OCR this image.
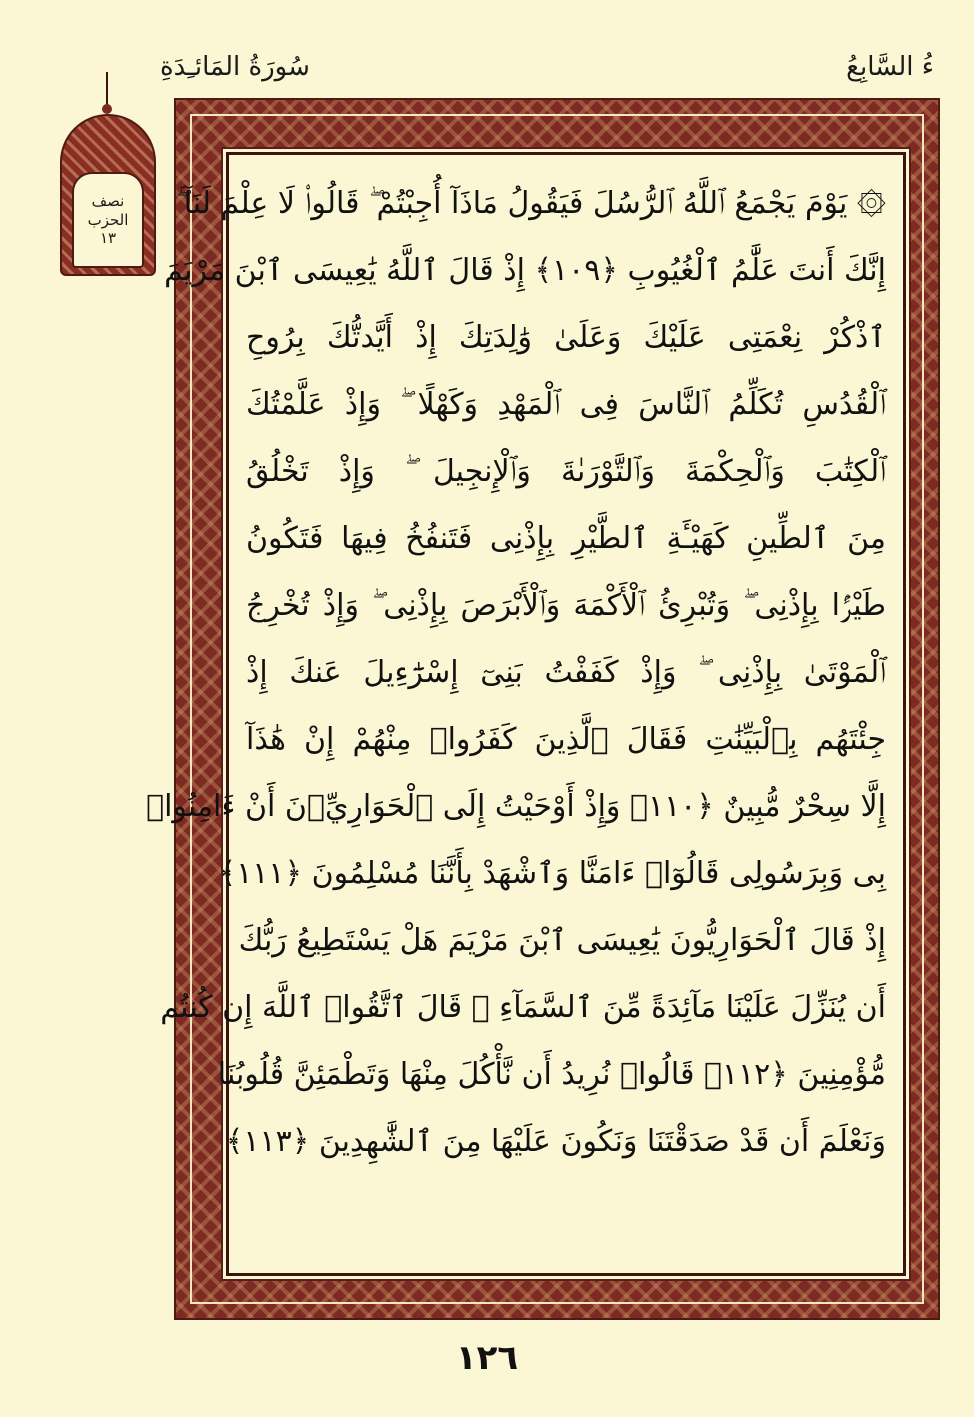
سُورَةُ المَائـِدَةِ	ءُ السَّابِعُ
نصف
الحزب
١٣
۞ يَوْمَ يَجْمَعُ ٱللَّهُ ٱلرُّسُلَ فَيَقُولُ مَاذَآ أُجِبْتُمْ ۖ قَالُوا۟ لَا عِلْمَ لَنَآ ۖ
إِنَّكَ أَنتَ عَلَّٰمُ ٱلْغُيُوبِ ﴿١٠٩﴾ إِذْ قَالَ ٱللَّهُ يَٰعِيسَى ٱبْنَ مَرْيَمَ
ٱذْكُرْ نِعْمَتِى عَلَيْكَ وَعَلَىٰ وَٰلِدَتِكَ إِذْ أَيَّدتُّكَ بِرُوحِ
ٱلْقُدُسِ تُكَلِّمُ ٱلنَّاسَ فِى ٱلْمَهْدِ وَكَهْلًا ۖ وَإِذْ عَلَّمْتُكَ
ٱلْكِتَٰبَ وَٱلْحِكْمَةَ وَٱلتَّوْرَىٰةَ وَٱلْإِنجِيلَ ۖ وَإِذْ تَخْلُقُ
مِنَ ٱلطِّينِ كَهَيْـَٔةِ ٱلطَّيْرِ بِإِذْنِى فَتَنفُخُ فِيهَا فَتَكُونُ
طَيْرًۢا بِإِذْنِى ۖ وَتُبْرِئُ ٱلْأَكْمَهَ وَٱلْأَبْرَصَ بِإِذْنِى ۖ وَإِذْ تُخْرِجُ
ٱلْمَوْتَىٰ بِإِذْنِى ۖ وَإِذْ كَفَفْتُ بَنِىٓ إِسْرَٰٓءِيلَ عَنكَ إِذْ
جِئْتَهُم بِٱلْبَيِّنَٰتِ فَقَالَ ٱلَّذِينَ كَفَرُوا۟ مِنْهُمْ إِنْ هَٰذَآ
إِلَّا سِحْرٌ مُّبِينٌ ﴿١١٠﴾ وَإِذْ أَوْحَيْتُ إِلَى ٱلْحَوَارِيِّۦنَ أَنْ ءَامِنُوا۟
بِى وَبِرَسُولِى قَالُوٓا۟ ءَامَنَّا وَٱشْهَدْ بِأَنَّنَا مُسْلِمُونَ ﴿١١١﴾
إِذْ قَالَ ٱلْحَوَارِيُّونَ يَٰعِيسَى ٱبْنَ مَرْيَمَ هَلْ يَسْتَطِيعُ رَبُّكَ
أَن يُنَزِّلَ عَلَيْنَا مَآئِدَةً مِّنَ ٱلسَّمَآءِ ۖ قَالَ ٱتَّقُوا۟ ٱللَّهَ إِن كُنتُم
مُّؤْمِنِينَ ﴿١١٢﴾ قَالُوا۟ نُرِيدُ أَن نَّأْكُلَ مِنْهَا وَتَطْمَئِنَّ قُلُوبُنَا
وَنَعْلَمَ أَن قَدْ صَدَقْتَنَا وَنَكُونَ عَلَيْهَا مِنَ ٱلشَّٰهِدِينَ ﴿١١٣﴾
١٢٦
